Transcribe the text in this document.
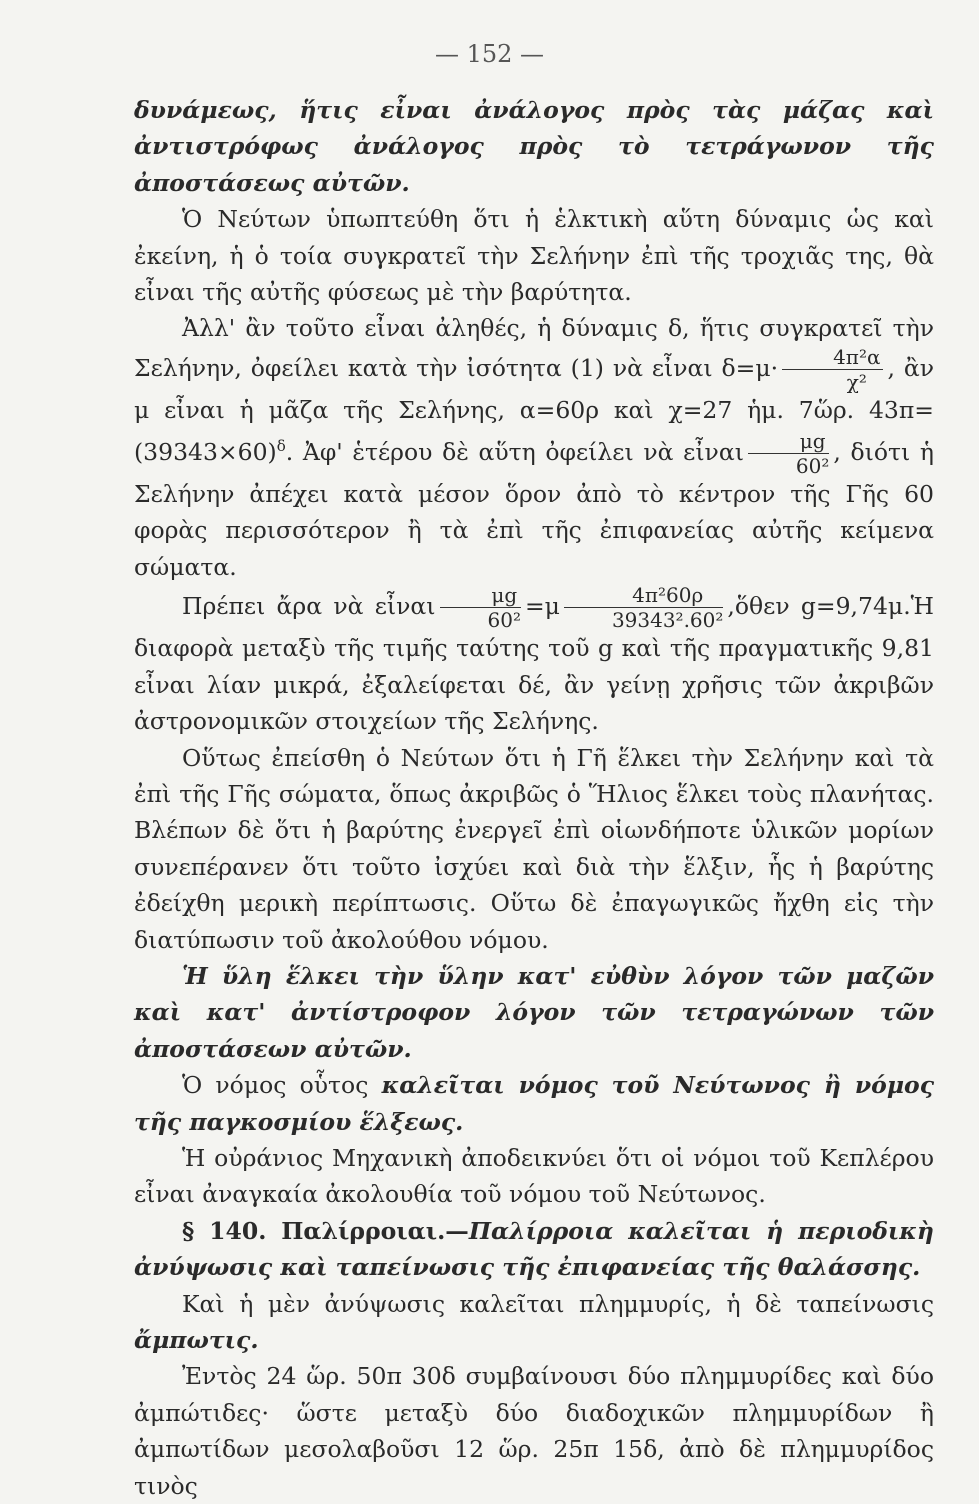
— 152 —

δυνάμεως, ἥτις εἶναι ἀνάλογος πρὸς τὰς μάζας καὶ ἀντιστρόφως ἀνάλογος πρὸς τὸ τετράγωνον τῆς ἀποστάσεως αὐτῶν.

Ὁ Νεύτων ὑπωπτεύθη ὅτι ἡ ἑλκτικὴ αὕτη δύναμις ὡς καὶ ἐκείνη, ἡ ὁ τοία συγκρατεῖ τὴν Σελήνην ἐπὶ τῆς τροχιᾶς της, θὰ εἶναι τῆς αὐτῆς φύσεως μὲ τὴν βαρύτητα.

Ἀλλ' ἂν τοῦτο εἶναι ἀληθές, ἡ δύναμις δ, ἥτις συγκρατεῖ τὴν Σελήνην, ὀφείλει κατὰ τὴν ἰσότητα (1) νὰ εἶναι $\delta=\mu\cdot \frac{\text{4π²α}}{\text{χ²}}$ , ἂν μ εἶναι ἡ μᾶζα τῆς Σελήνης, α=60ρ καὶ χ=27 ἡμ. 7ὥρ. $43\pi=(39343\times 60)^\delta$. Ἀφ' ἑτέρου δὲ αὕτη ὀφείλει νὰ εἶναι $\frac{\mu g}{\text{60²}}$ , διότι ἡ Σελήνην ἀπέχει κατὰ μέσον ὅρον ἀπὸ τὸ κέντρον τῆς Γῆς 60 φορὰς περισσότερον ἢ τὰ ἐπὶ τῆς ἐπιφανείας αὐτῆς κείμενα σώματα.

Πρέπει ἄρα νὰ εἶναι $\frac{\mu g}{\text{60²}} =\mu \frac{\text{4π²60ρ}}{\text{39343².60²}}$ ,ὅθεν g=9,74μ.Ἡ διαφορὰ μεταξὺ τῆς τιμῆς ταύτης τοῦ g καὶ τῆς πραγματικῆς 9,81 εἶναι λίαν μικρά, ἐξαλείφεται δέ, ἂν γείνῃ χρῆσις τῶν ἀκριβῶν ἀστρονομικῶν στοιχείων τῆς Σελήνης.

Οὕτως ἐπείσθη ὁ Νεύτων ὅτι ἡ Γῆ ἕλκει τὴν Σελήνην καὶ τὰ ἐπὶ τῆς Γῆς σώματα, ὅπως ἀκριβῶς ὁ Ἥλιος ἕλκει τοὺς πλανήτας. Βλέπων δὲ ὅτι ἡ βαρύτης ἐνεργεῖ ἐπὶ οἱωνδήποτε ὑλικῶν μορίων συνεπέρανεν ὅτι τοῦτο ἰσχύει καὶ διὰ τὴν ἕλξιν, ἧς ἡ βαρύτης ἐδείχθη μερικὴ περίπτωσις. Οὕτω δὲ ἐπαγωγικῶς ἤχθη εἰς τὴν διατύπωσιν τοῦ ἀκολούθου νόμου.

Ἡ ὕλη ἕλκει τὴν ὕλην κατ' εὐθὺν λόγον τῶν μαζῶν καὶ κατ' ἀντίστροφον λόγον τῶν τετραγώνων τῶν ἀποστάσεων αὐτῶν.

Ὁ νόμος οὗτος καλεῖται νόμος τοῦ Νεύτωνος ἢ νόμος τῆς παγκοσμίου ἕλξεως.

Ἡ οὐράνιος Μηχανικὴ ἀποδεικνύει ὅτι οἱ νόμοι τοῦ Κεπλέρου εἶναι ἀναγκαία ἀκολουθία τοῦ νόμου τοῦ Νεύτωνος.

§ 140. Παλίρροιαι.—Παλίρροια καλεῖται ἡ περιοδικὴ ἀνύψωσις καὶ ταπείνωσις τῆς ἐπιφανείας τῆς θαλάσσης.

Καὶ ἡ μὲν ἀνύψωσις καλεῖται πλημμυρίς, ἡ δὲ ταπείνωσις ἄμπωτις.

Ἐντὸς 24 ὥρ. 50π 30δ συμβαίνουσι δύο πλημμυρίδες καὶ δύο ἀμπώτιδες· ὥστε μεταξὺ δύο διαδοχικῶν πλημμυρίδων ἢ ἀμπωτίδων μεσολαβοῦσι 12 ὥρ. 25π 15δ, ἀπὸ δὲ πλημμυρίδος τινὸς
